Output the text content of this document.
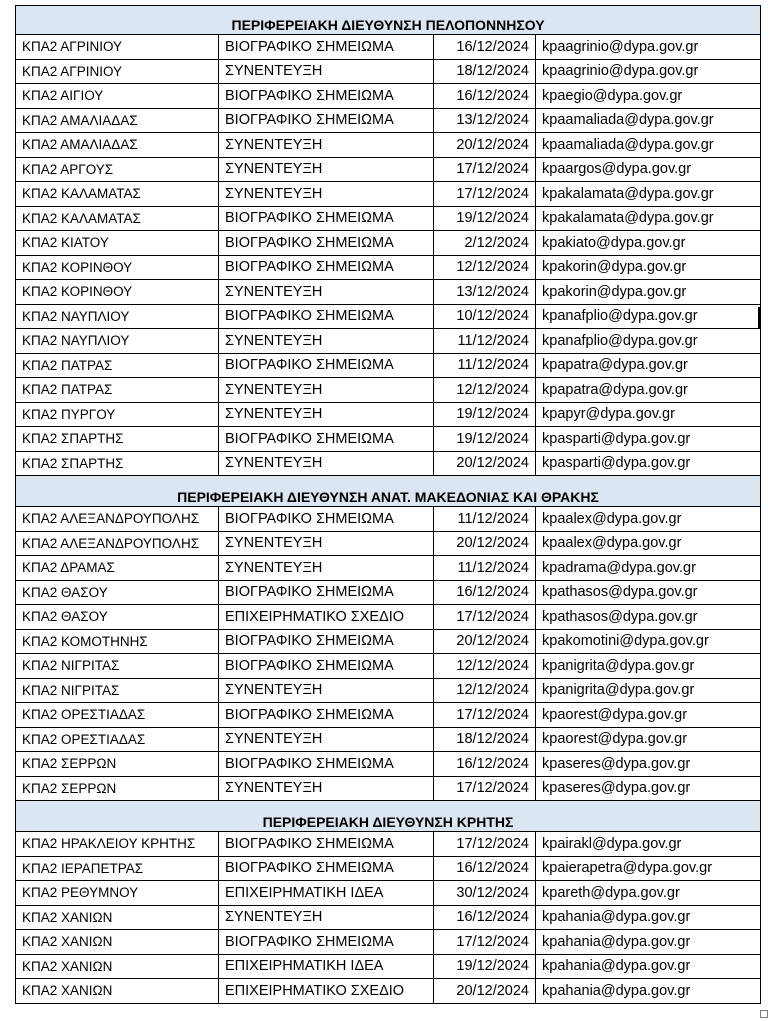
ΠΕΡΙΦΕΡΕΙΑΚΗ ΔΙΕΥΘΥΝΣΗ ΠΕΛΟΠΟΝΝΗΣΟΥ			
ΚΠΑ2 ΑΓΡΙΝΙΟΥ	ΒΙΟΓΡΑΦΙΚΟ ΣΗΜΕΙΩΜΑ	16/12/2024	kpaagrinio@dypa.gov.gr
ΚΠΑ2 ΑΓΡΙΝΙΟΥ	ΣΥΝΕΝΤΕΥΞΗ	18/12/2024	kpaagrinio@dypa.gov.gr
ΚΠΑ2 ΑΙΓΙΟΥ	ΒΙΟΓΡΑΦΙΚΟ ΣΗΜΕΙΩΜΑ	16/12/2024	kpaegio@dypa.gov.gr
ΚΠΑ2 ΑΜΑΛΙΑΔΑΣ	ΒΙΟΓΡΑΦΙΚΟ ΣΗΜΕΙΩΜΑ	13/12/2024	kpaamaliada@dypa.gov.gr
ΚΠΑ2 ΑΜΑΛΙΑΔΑΣ	ΣΥΝΕΝΤΕΥΞΗ	20/12/2024	kpaamaliada@dypa.gov.gr
ΚΠΑ2 ΑΡΓΟΥΣ	ΣΥΝΕΝΤΕΥΞΗ	17/12/2024	kpaargos@dypa.gov.gr
ΚΠΑ2 ΚΑΛΑΜΑΤΑΣ	ΣΥΝΕΝΤΕΥΞΗ	17/12/2024	kpakalamata@dypa.gov.gr
ΚΠΑ2 ΚΑΛΑΜΑΤΑΣ	ΒΙΟΓΡΑΦΙΚΟ ΣΗΜΕΙΩΜΑ	19/12/2024	kpakalamata@dypa.gov.gr
ΚΠΑ2 ΚΙΑΤΟΥ	ΒΙΟΓΡΑΦΙΚΟ ΣΗΜΕΙΩΜΑ	2/12/2024	kpakiato@dypa.gov.gr
ΚΠΑ2 ΚΟΡΙΝΘΟΥ	ΒΙΟΓΡΑΦΙΚΟ ΣΗΜΕΙΩΜΑ	12/12/2024	kpakorin@dypa.gov.gr
ΚΠΑ2 ΚΟΡΙΝΘΟΥ	ΣΥΝΕΝΤΕΥΞΗ	13/12/2024	kpakorin@dypa.gov.gr
ΚΠΑ2 ΝΑΥΠΛΙΟΥ	ΒΙΟΓΡΑΦΙΚΟ ΣΗΜΕΙΩΜΑ	10/12/2024	kpanafplio@dypa.gov.gr
ΚΠΑ2 ΝΑΥΠΛΙΟΥ	ΣΥΝΕΝΤΕΥΞΗ	11/12/2024	kpanafplio@dypa.gov.gr
ΚΠΑ2 ΠΑΤΡΑΣ	ΒΙΟΓΡΑΦΙΚΟ ΣΗΜΕΙΩΜΑ	11/12/2024	kpapatra@dypa.gov.gr
ΚΠΑ2 ΠΑΤΡΑΣ	ΣΥΝΕΝΤΕΥΞΗ	12/12/2024	kpapatra@dypa.gov.gr
ΚΠΑ2 ΠΥΡΓΟΥ	ΣΥΝΕΝΤΕΥΞΗ	19/12/2024	kpapyr@dypa.gov.gr
ΚΠΑ2 ΣΠΑΡΤΗΣ	ΒΙΟΓΡΑΦΙΚΟ ΣΗΜΕΙΩΜΑ	19/12/2024	kpasparti@dypa.gov.gr
ΚΠΑ2 ΣΠΑΡΤΗΣ	ΣΥΝΕΝΤΕΥΞΗ	20/12/2024	kpasparti@dypa.gov.gr
ΠΕΡΙΦΕΡΕΙΑΚΗ ΔΙΕΥΘΥΝΣΗ ΑΝΑΤ. ΜΑΚΕΔΟΝΙΑΣ ΚΑΙ ΘΡΑΚΗΣ			
ΚΠΑ2 ΑΛΕΞΑΝΔΡΟΥΠΟΛΗΣ	ΒΙΟΓΡΑΦΙΚΟ ΣΗΜΕΙΩΜΑ	11/12/2024	kpaalex@dypa.gov.gr
ΚΠΑ2 ΑΛΕΞΑΝΔΡΟΥΠΟΛΗΣ	ΣΥΝΕΝΤΕΥΞΗ	20/12/2024	kpaalex@dypa.gov.gr
ΚΠΑ2 ΔΡΑΜΑΣ	ΣΥΝΕΝΤΕΥΞΗ	11/12/2024	kpadrama@dypa.gov.gr
ΚΠΑ2 ΘΑΣΟΥ	ΒΙΟΓΡΑΦΙΚΟ ΣΗΜΕΙΩΜΑ	16/12/2024	kpathasos@dypa.gov.gr
ΚΠΑ2 ΘΑΣΟΥ	ΕΠΙΧΕΙΡΗΜΑΤΙΚΟ ΣΧΕΔΙΟ	17/12/2024	kpathasos@dypa.gov.gr
ΚΠΑ2 ΚΟΜΟΤΗΝΗΣ	ΒΙΟΓΡΑΦΙΚΟ ΣΗΜΕΙΩΜΑ	20/12/2024	kpakomotini@dypa.gov.gr
ΚΠΑ2 ΝΙΓΡΙΤΑΣ	ΒΙΟΓΡΑΦΙΚΟ ΣΗΜΕΙΩΜΑ	12/12/2024	kpanigrita@dypa.gov.gr
ΚΠΑ2 ΝΙΓΡΙΤΑΣ	ΣΥΝΕΝΤΕΥΞΗ	12/12/2024	kpanigrita@dypa.gov.gr
ΚΠΑ2 ΟΡΕΣΤΙΑΔΑΣ	ΒΙΟΓΡΑΦΙΚΟ ΣΗΜΕΙΩΜΑ	17/12/2024	kpaorest@dypa.gov.gr
ΚΠΑ2 ΟΡΕΣΤΙΑΔΑΣ	ΣΥΝΕΝΤΕΥΞΗ	18/12/2024	kpaorest@dypa.gov.gr
ΚΠΑ2 ΣΕΡΡΩΝ	ΒΙΟΓΡΑΦΙΚΟ ΣΗΜΕΙΩΜΑ	16/12/2024	kpaseres@dypa.gov.gr
ΚΠΑ2 ΣΕΡΡΩΝ	ΣΥΝΕΝΤΕΥΞΗ	17/12/2024	kpaseres@dypa.gov.gr
ΠΕΡΙΦΕΡΕΙΑΚΗ ΔΙΕΥΘΥΝΣΗ ΚΡΗΤΗΣ			
ΚΠΑ2 ΗΡΑΚΛΕΙΟΥ ΚΡΗΤΗΣ	ΒΙΟΓΡΑΦΙΚΟ ΣΗΜΕΙΩΜΑ	17/12/2024	kpairakl@dypa.gov.gr
ΚΠΑ2 ΙΕΡΑΠΕΤΡΑΣ	ΒΙΟΓΡΑΦΙΚΟ ΣΗΜΕΙΩΜΑ	16/12/2024	kpaierapetra@dypa.gov.gr
ΚΠΑ2 ΡΕΘΥΜΝΟΥ	ΕΠΙΧΕΙΡΗΜΑΤΙΚΗ ΙΔΕΑ	30/12/2024	kpareth@dypa.gov.gr
ΚΠΑ2 ΧΑΝΙΩΝ	ΣΥΝΕΝΤΕΥΞΗ	16/12/2024	kpahania@dypa.gov.gr
ΚΠΑ2 ΧΑΝΙΩΝ	ΒΙΟΓΡΑΦΙΚΟ ΣΗΜΕΙΩΜΑ	17/12/2024	kpahania@dypa.gov.gr
ΚΠΑ2 ΧΑΝΙΩΝ	ΕΠΙΧΕΙΡΗΜΑΤΙΚΗ ΙΔΕΑ	19/12/2024	kpahania@dypa.gov.gr
ΚΠΑ2 ΧΑΝΙΩΝ	ΕΠΙΧΕΙΡΗΜΑΤΙΚΟ ΣΧΕΔΙΟ	20/12/2024	kpahania@dypa.gov.gr
